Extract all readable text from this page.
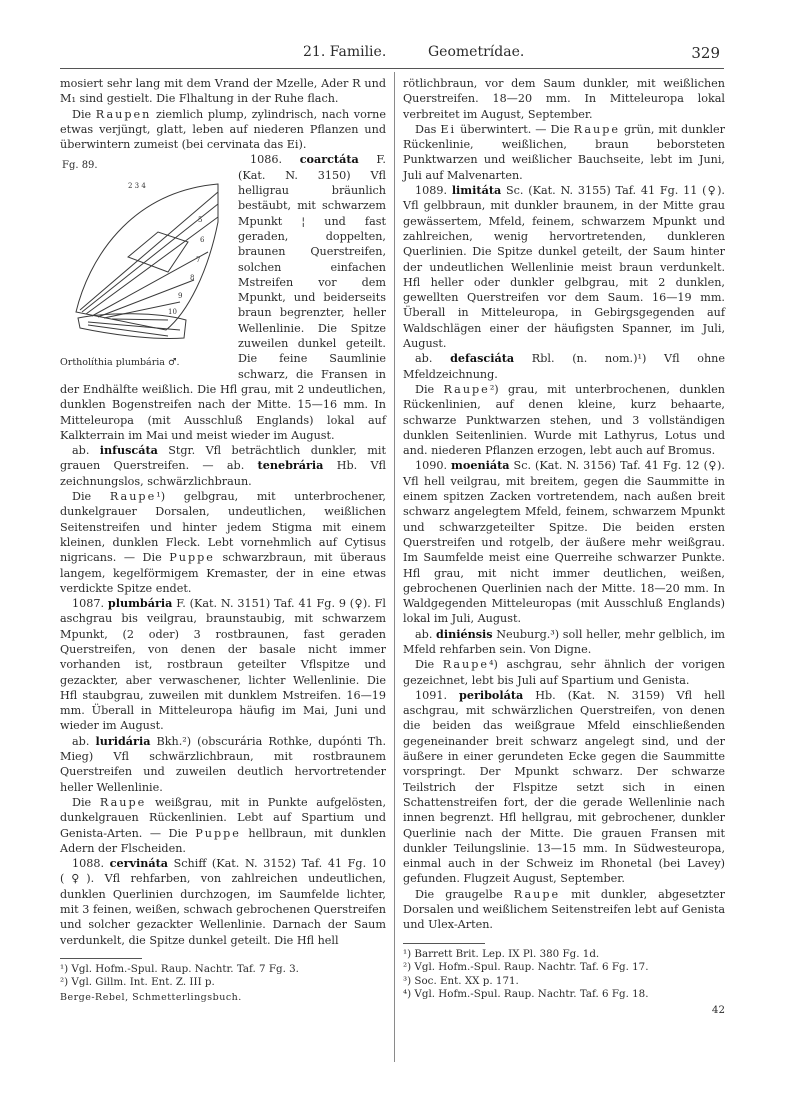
21. Familie.	Geometrídae.	329

mosiert sehr lang mit dem Vrand der Mzelle, Ader R und M₁ sind gestielt. Die Flhaltung in der Ruhe flach.

Die Raupen ziemlich plump, zylindrisch, nach vorne etwas verjüngt, glatt, leben auf niederen Pflanzen und überwintern zumeist (bei cervinata das Ei).

Fg. 89.
2 3 4
5
6
7
8
9
10
Ortholíthia plumbária ♂.

1086. coarctáta F. (Kat. N. 3150) Vfl helligrau bräunlich bestäubt, mit schwarzem Mpunkt ¦ und fast geraden, doppelten, braunen Querstreifen, solchen einfachen Mstreifen vor dem Mpunkt, und beiderseits braun begrenzter, heller Wellenlinie. Die Spitze zuweilen dunkel geteilt. Die feine Saumlinie schwarz, die Fransen in der Endhälfte weißlich. Die Hfl grau, mit 2 undeutlichen, dunklen Bogenstreifen nach der Mitte. 15—16 mm. In Mitteleuropa (mit Ausschluß Englands) lokal auf Kalkterrain im Mai und meist wieder im August.

ab. infuscáta Stgr. Vfl beträchtlich dunkler, mit grauen Querstreifen. — ab. tenebrária Hb. Vfl zeichnungslos, schwärzlichbraun.

Die Raupe¹) gelbgrau, mit unterbrochener, dunkelgrauer Dorsalen, undeutlichen, weißlichen Seitenstreifen und hinter jedem Stigma mit einem kleinen, dunklen Fleck. Lebt vornehmlich auf Cytisus nigricans. — Die Puppe schwarzbraun, mit überaus langem, kegelförmigem Kremaster, der in eine etwas verdickte Spitze endet.

1087. plumbária F. (Kat. N. 3151) Taf. 41 Fg. 9 (♀). Fl aschgrau bis veilgrau, braunstaubig, mit schwarzem Mpunkt, (2 oder) 3 rostbraunen, fast geraden Querstreifen, von denen der basale nicht immer vorhanden ist, rostbraun geteilter Vflspitze und gezackter, aber verwaschener, lichter Wellenlinie. Die Hfl staubgrau, zuweilen mit dunklem Mstreifen. 16—19 mm. Überall in Mitteleuropa häufig im Mai, Juni und wieder im August.

ab. luridária Bkh.²) (obscurária Rothke, dupónti Th. Mieg) Vfl schwärzlichbraun, mit rostbraunem Querstreifen und zuweilen deutlich hervortretender heller Wellenlinie.

Die Raupe weißgrau, mit in Punkte aufgelösten, dunkelgrauen Rückenlinien. Lebt auf Spartium und Genista-Arten. — Die Puppe hellbraun, mit dunklen Adern der Flscheiden.

1088. cervináta Schiff (Kat. N. 3152) Taf. 41 Fg. 10 (♀). Vfl rehfarben, von zahlreichen undeutlichen, dunklen Querlinien durchzogen, im Saumfelde lichter, mit 3 feinen, weißen, schwach gebrochenen Querstreifen und solcher gezackter Wellenlinie. Darnach der Saum verdunkelt, die Spitze dunkel geteilt. Die Hfl hell

¹) Vgl. Hofm.-Spul. Raup. Nachtr. Taf. 7 Fg. 3.
²) Vgl. Gillm. Int. Ent. Z. III p.
Berge-Rebel, Schmetterlingsbuch.

rötlichbraun, vor dem Saum dunkler, mit weißlichen Querstreifen. 18—20 mm. In Mitteleuropa lokal verbreitet im August, September.

Das Ei überwintert. — Die Raupe grün, mit dunkler Rückenlinie, weißlichen, braun beborsteten Punktwarzen und weißlicher Bauchseite, lebt im Juni, Juli auf Malvenarten.

1089. limitáta Sc. (Kat. N. 3155) Taf. 41 Fg. 11 (♀). Vfl gelbbraun, mit dunkler braunem, in der Mitte grau gewässertem, Mfeld, feinem, schwarzem Mpunkt und zahlreichen, wenig hervortretenden, dunkleren Querlinien. Die Spitze dunkel geteilt, der Saum hinter der undeutlichen Wellenlinie meist braun verdunkelt. Hfl heller oder dunkler gelbgrau, mit 2 dunklen, gewellten Querstreifen vor dem Saum. 16—19 mm. Überall in Mitteleuropa, in Gebirgsgegenden auf Waldschlägen einer der häufigsten Spanner, im Juli, August.

ab. defasciáta Rbl. (n. nom.)¹) Vfl ohne Mfeldzeichnung.

Die Raupe²) grau, mit unterbrochenen, dunklen Rückenlinien, auf denen kleine, kurz behaarte, schwarze Punktwarzen stehen, und 3 vollständigen dunklen Seitenlinien. Wurde mit Lathyrus, Lotus und and. niederen Pflanzen erzogen, lebt auch auf Bromus.

1090. moeniáta Sc. (Kat. N. 3156) Taf. 41 Fg. 12 (♀). Vfl hell veilgrau, mit breitem, gegen die Saummitte in einem spitzen Zacken vortretendem, nach außen breit schwarz angelegtem Mfeld, feinem, schwarzem Mpunkt und schwarzgeteilter Spitze. Die beiden ersten Querstreifen und rotgelb, der äußere mehr weißgrau. Im Saumfelde meist eine Querreihe schwarzer Punkte. Hfl grau, mit nicht immer deutlichen, weißen, gebrochenen Querlinien nach der Mitte. 18—20 mm. In Waldgegenden Mitteleuropas (mit Ausschluß Englands) lokal im Juli, August.

ab. diniénsis Neuburg.³) soll heller, mehr gelblich, im Mfeld rehfarben sein. Von Digne.

Die Raupe⁴) aschgrau, sehr ähnlich der vorigen gezeichnet, lebt bis Juli auf Spartium und Genista.

1091. periboláta Hb. (Kat. N. 3159) Vfl hell aschgrau, mit schwärzlichen Querstreifen, von denen die beiden das weißgraue Mfeld einschließenden gegeneinander breit schwarz angelegt sind, und der äußere in einer gerundeten Ecke gegen die Saummitte vorspringt. Der Mpunkt schwarz. Der schwarze Teilstrich der Flspitze setzt sich in einen Schattenstreifen fort, der die gerade Wellenlinie nach innen begrenzt. Hfl hellgrau, mit gebrochener, dunkler Querlinie nach der Mitte. Die grauen Fransen mit dunkler Teilungslinie. 13—15 mm. In Südwesteuropa, einmal auch in der Schweiz im Rhonetal (bei Lavey) gefunden. Flugzeit August, September.

Die graugelbe Raupe mit dunkler, abgesetzter Dorsalen und weißlichem Seitenstreifen lebt auf Genista und Ulex-Arten.

¹) Barrett Brit. Lep. IX Pl. 380 Fg. 1d.
²) Vgl. Hofm.-Spul. Raup. Nachtr. Taf. 6 Fg. 17.
³) Soc. Ent. XX p. 171.
⁴) Vgl. Hofm.-Spul. Raup. Nachtr. Taf. 6 Fg. 18.
42
